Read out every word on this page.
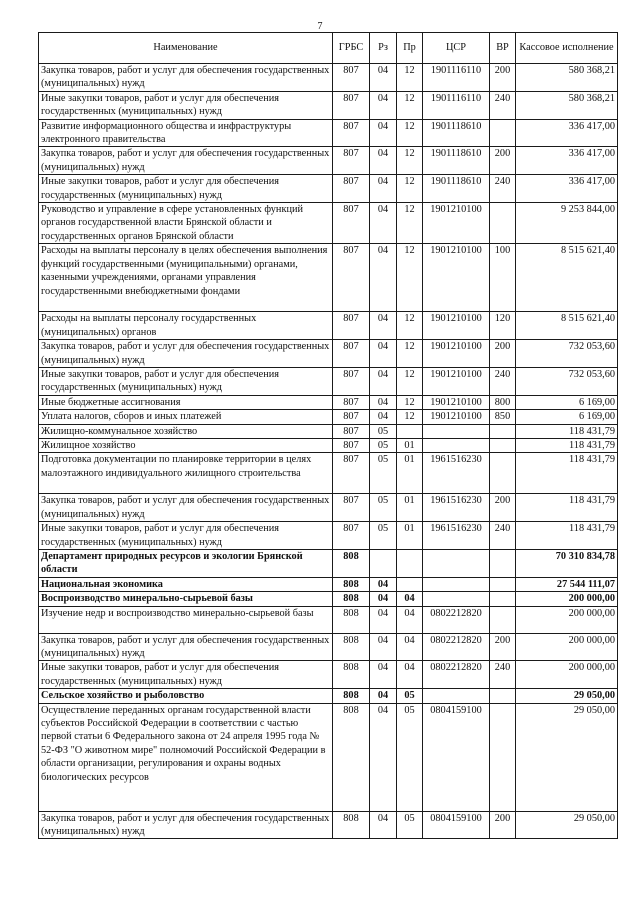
7
Наименование	ГРБС	Рз	Пр	ЦСР	ВР	Кассовое исполнение
Закупка товаров, работ и услуг для обеспечения государственных (муниципальных) нужд	807	04	12	1901116110	200	580 368,21
Иные закупки товаров, работ и услуг для обеспечения государственных (муниципальных) нужд	807	04	12	1901116110	240	580 368,21
Развитие информационного общества и инфраструктуры электронного правительства	807	04	12	1901118610		336 417,00
Закупка товаров, работ и услуг для обеспечения государственных (муниципальных) нужд	807	04	12	1901118610	200	336 417,00
Иные закупки товаров, работ и услуг для обеспечения государственных (муниципальных) нужд	807	04	12	1901118610	240	336 417,00
Руководство и управление в сфере установленных функций органов государственной власти Брянской области и государственных органов Брянской области	807	04	12	1901210100		9 253 844,00
Расходы на выплаты персоналу в целях обеспечения выполнения функций государственными (муниципальными) органами, казенными учреждениями, органами управления государственными внебюджетными фондами	807	04	12	1901210100	100	8 515 621,40
Расходы на выплаты персоналу государственных (муниципальных) органов	807	04	12	1901210100	120	8 515 621,40
Закупка товаров, работ и услуг для обеспечения государственных (муниципальных) нужд	807	04	12	1901210100	200	732 053,60
Иные закупки товаров, работ и услуг для обеспечения государственных (муниципальных) нужд	807	04	12	1901210100	240	732 053,60
Иные бюджетные ассигнования	807	04	12	1901210100	800	6 169,00
Уплата налогов, сборов и иных платежей	807	04	12	1901210100	850	6 169,00
Жилищно-коммунальное хозяйство	807	05				118 431,79
Жилищное хозяйство	807	05	01			118 431,79
Подготовка документации по планировке территории в целях малоэтажного индивидуального жилищного строительства	807	05	01	1961516230		118 431,79
Закупка товаров, работ и услуг для обеспечения государственных (муниципальных) нужд	807	05	01	1961516230	200	118 431,79
Иные закупки товаров, работ и услуг для обеспечения государственных (муниципальных) нужд	807	05	01	1961516230	240	118 431,79
Департамент природных ресурсов и экологии Брянской области	808					70 310 834,78
Национальная экономика	808	04				27 544 111,07
Воспроизводство минерально-сырьевой базы	808	04	04			200 000,00
Изучение недр и воспроизводство минерально-сырьевой базы	808	04	04	0802212820		200 000,00
Закупка товаров, работ и услуг для обеспечения государственных (муниципальных) нужд	808	04	04	0802212820	200	200 000,00
Иные закупки товаров, работ и услуг для обеспечения государственных (муниципальных) нужд	808	04	04	0802212820	240	200 000,00
Сельское хозяйство и рыболовство	808	04	05			29 050,00
Осуществление переданных органам государственной власти субъектов Российской Федерации в соответствии с частью первой статьи 6 Федерального закона от 24 апреля 1995 года № 52-ФЗ "О животном мире" полномочий Российской Федерации в области организации, регулирования и охраны водных биологических ресурсов	808	04	05	0804159100		29 050,00
Закупка товаров, работ и услуг для обеспечения государственных (муниципальных) нужд	808	04	05	0804159100	200	29 050,00
